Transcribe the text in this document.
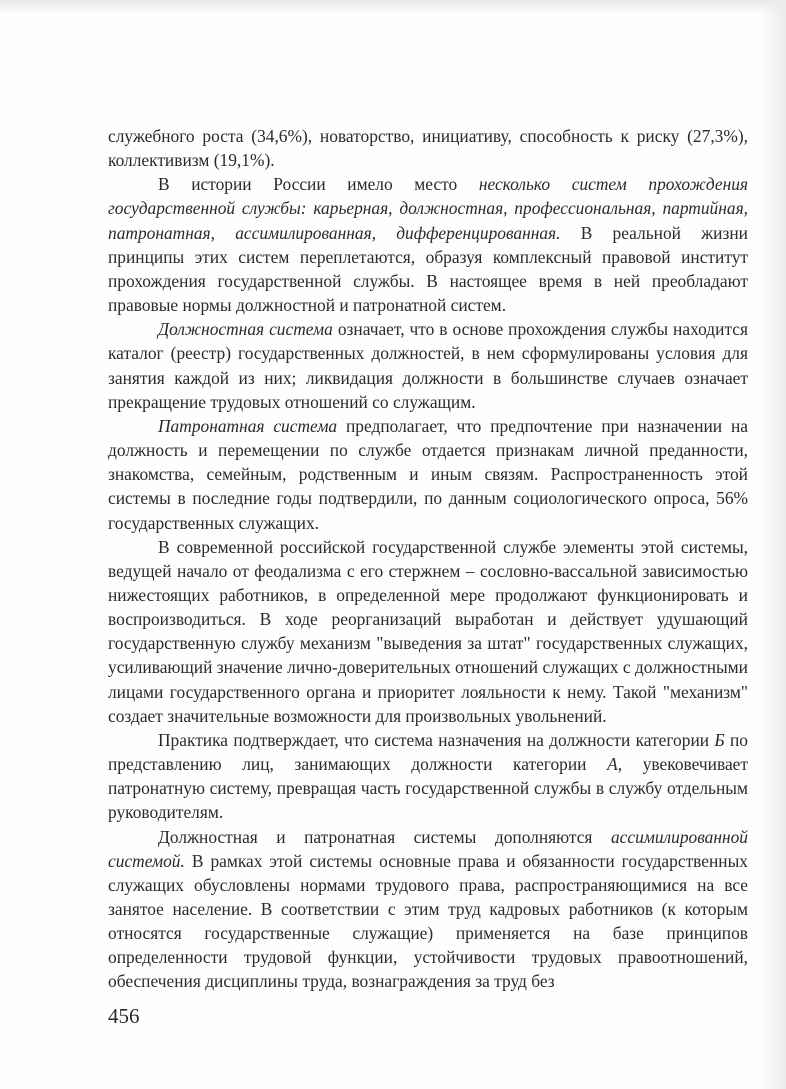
служебного роста (34,6%), новаторство, инициативу, способность к риску (27,3%), коллективизм (19,1%).

В истории России имело место несколько систем прохождения государственной службы: карьерная, должностная, профессиональная, партийная, патронатная, ассимилированная, дифференцированная. В реальной жизни принципы этих систем переплетаются, образуя комплексный правовой институт прохождения государственной службы. В настоящее время в ней преобладают правовые нормы должностной и патронатной систем.

Должностная система означает, что в основе прохождения службы находится каталог (реестр) государственных должностей, в нем сформулированы условия для занятия каждой из них; ликвидация должности в большинстве случаев означает прекращение трудовых отношений со служащим.

Патронатная система предполагает, что предпочтение при назначении на должность и перемещении по службе отдается признакам личной преданности, знакомства, семейным, родственным и иным связям. Распространенность этой системы в последние годы подтвердили, по данным социологического опроса, 56% государственных служащих.

В современной российской государственной службе элементы этой системы, ведущей начало от феодализма с его стержнем – сословно-вассальной зависимостью нижестоящих работников, в определенной мере продолжают функционировать и воспроизводиться. В ходе реорганизаций выработан и действует удушающий государственную службу механизм "выведения за штат" государственных служащих, усиливающий значение лично-доверительных отношений служащих с должностными лицами государственного органа и приоритет лояльности к нему. Такой "механизм" создает значительные возможности для произвольных увольнений.

Практика подтверждает, что система назначения на должности категории Б по представлению лиц, занимающих должности категории А, увековечивает патронатную систему, превращая часть государственной службы в службу отдельным руководителям.

Должностная и патронатная системы дополняются ассимилированной системой. В рамках этой системы основные права и обязанности государственных служащих обусловлены нормами трудового права, распространяющимися на все занятое население. В соответствии с этим труд кадровых работников (к которым относятся государственные служащие) применяется на базе принципов определенности трудовой функции, устойчивости трудовых правоотношений, обеспечения дисциплины труда, вознаграждения за труд без

456
